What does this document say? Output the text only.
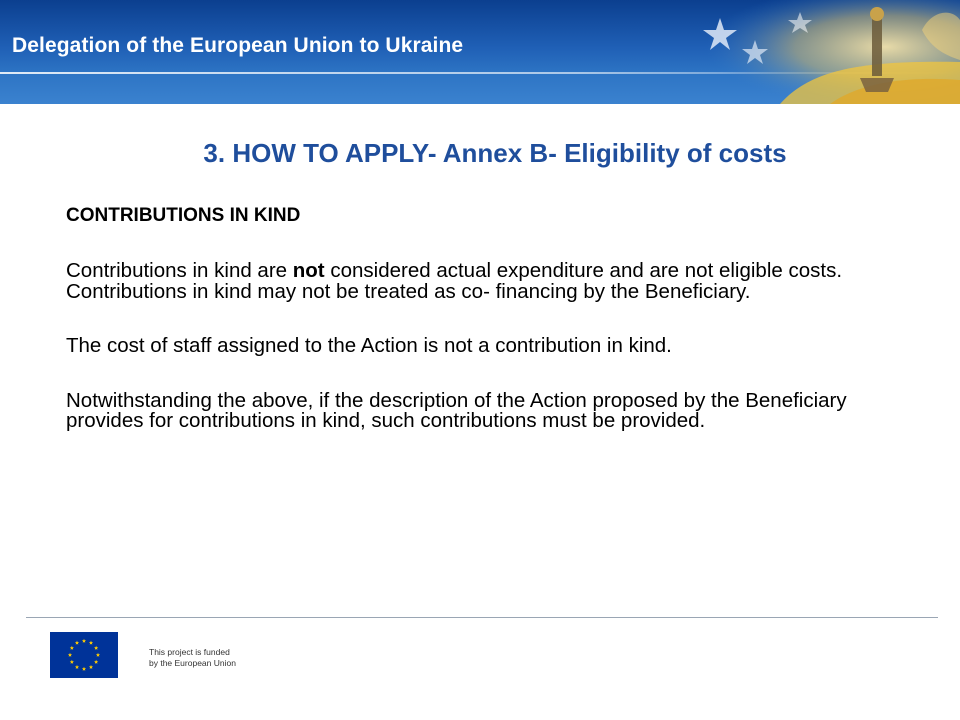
Delegation of the European Union to Ukraine
3. HOW TO APPLY- Annex B- Eligibility of costs
CONTRIBUTIONS IN KIND

Contributions in kind are not considered actual expenditure and are not eligible costs. Contributions in kind may not be treated as co- financing by the Beneficiary.

The cost of staff assigned to the Action is not a contribution in kind.

Notwithstanding the above, if the description of the Action proposed by the Beneficiary provides for contributions in kind, such contributions must be provided.

This project is funded
by the European Union
